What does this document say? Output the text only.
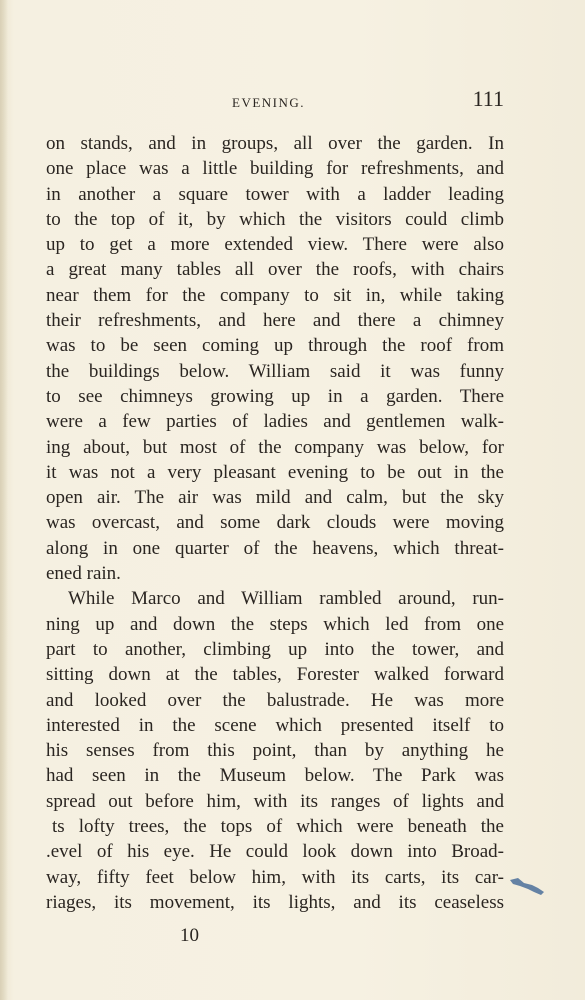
EVENING.	111
on stands, and in groups, all over the garden. In
one place was a little building for refreshments, and
in another a square tower with a ladder leading
to the top of it, by which the visitors could climb
up to get a more extended view. There were also
a great many tables all over the roofs, with chairs
near them for the company to sit in, while taking
their refreshments, and here and there a chimney
was to be seen coming up through the roof from
the buildings below. William said it was funny
to see chimneys growing up in a garden. There
were a few parties of ladies and gentlemen walk-
ing about, but most of the company was below, for
it was not a very pleasant evening to be out in the
open air. The air was mild and calm, but the sky
was overcast, and some dark clouds were moving
along in one quarter of the heavens, which threat-
ened rain.
While Marco and William rambled around, run-
ning up and down the steps which led from one
part to another, climbing up into the tower, and
sitting down at the tables, Forester walked forward
and looked over the balustrade. He was more
interested in the scene which presented itself to
his senses from this point, than by anything he
had seen in the Museum below. The Park was
spread out before him, with its ranges of lights and
ts lofty trees, the tops of which were beneath the
.evel of his eye. He could look down into Broad-
way, fifty feet below him, with its carts, its car-
riages, its movement, its lights, and its ceaseless
10
